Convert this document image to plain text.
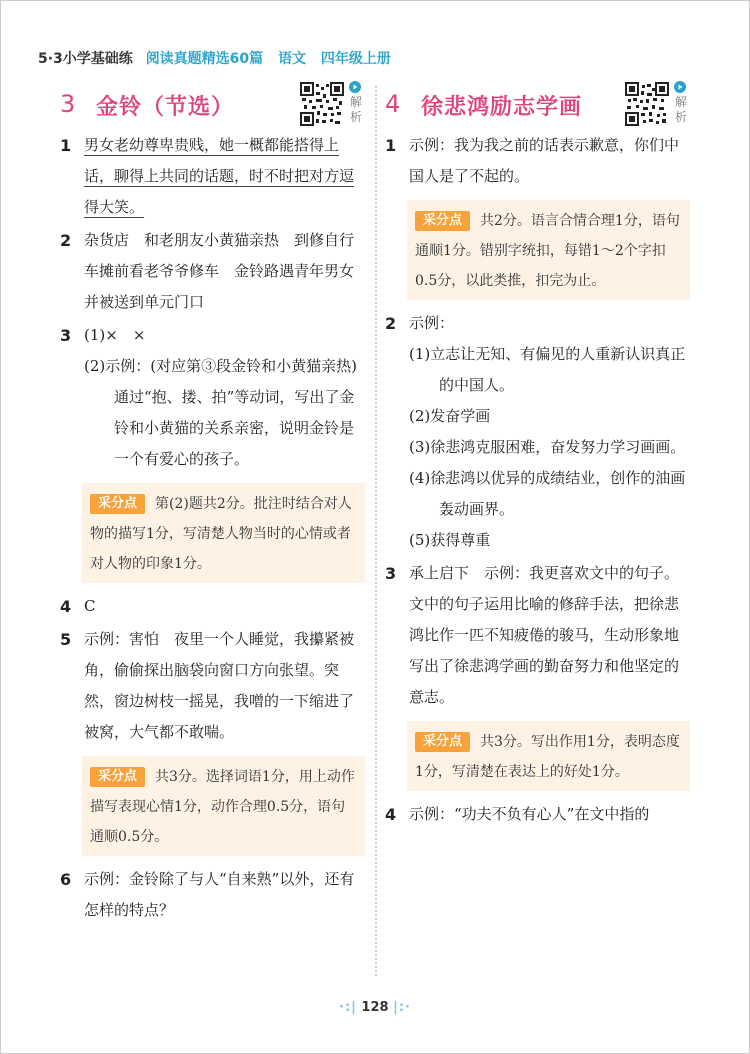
5·3小学基础练 阅读真题精选60篇 语文 四年级上册
3 金铃（节选）	解析
1 男女老幼尊卑贵贱，她一概都能搭得上话，聊得上共同的话题，时不时把对方逗得大笑。
2 杂货店　和老朋友小黄猫亲热　到修自行车摊前看老爷爷修车　金铃路遇青年男女并被送到单元门口
3 (1)×　×
(2)示例：(对应第③段金铃和小黄猫亲热)通过“抱、搂、拍”等动词，写出了金铃和小黄猫的关系亲密，说明金铃是一个有爱心的孩子。
采分点 第(2)题共2分。批注时结合对人物的描写1分，写清楚人物当时的心情或者对人物的印象1分。
4 C
5 示例：害怕　夜里一个人睡觉，我攥紧被角，偷偷探出脑袋向窗口方向张望。突然，窗边树枝一摇晃，我噌的一下缩进了被窝，大气都不敢喘。
采分点 共3分。选择词语1分，用上动作描写表现心情1分，动作合理0.5分，语句通顺0.5分。
6 示例：金铃除了与人“自来熟”以外，还有怎样的特点？
4 徐悲鸿励志学画	解析
1 示例：我为我之前的话表示歉意，你们中国人是了不起的。
采分点 共2分。语言合情合理1分，语句通顺1分。错别字统扣，每错1～2个字扣0.5分，以此类推，扣完为止。
2 示例：
(1)立志让无知、有偏见的人重新认识真正的中国人。
(2)发奋学画
(3)徐悲鸿克服困难，奋发努力学习画画。
(4)徐悲鸿以优异的成绩结业，创作的油画轰动画界。
(5)获得尊重
3 承上启下　示例：我更喜欢文中的句子。文中的句子运用比喻的修辞手法，把徐悲鸿比作一匹不知疲倦的骏马，生动形象地写出了徐悲鸿学画的勤奋努力和他坚定的意志。
采分点 共3分。写出作用1分，表明态度1分，写清楚在表达上的好处1分。
4 示例：“功夫不负有心人”在文中指的
·:| 128 |:·
